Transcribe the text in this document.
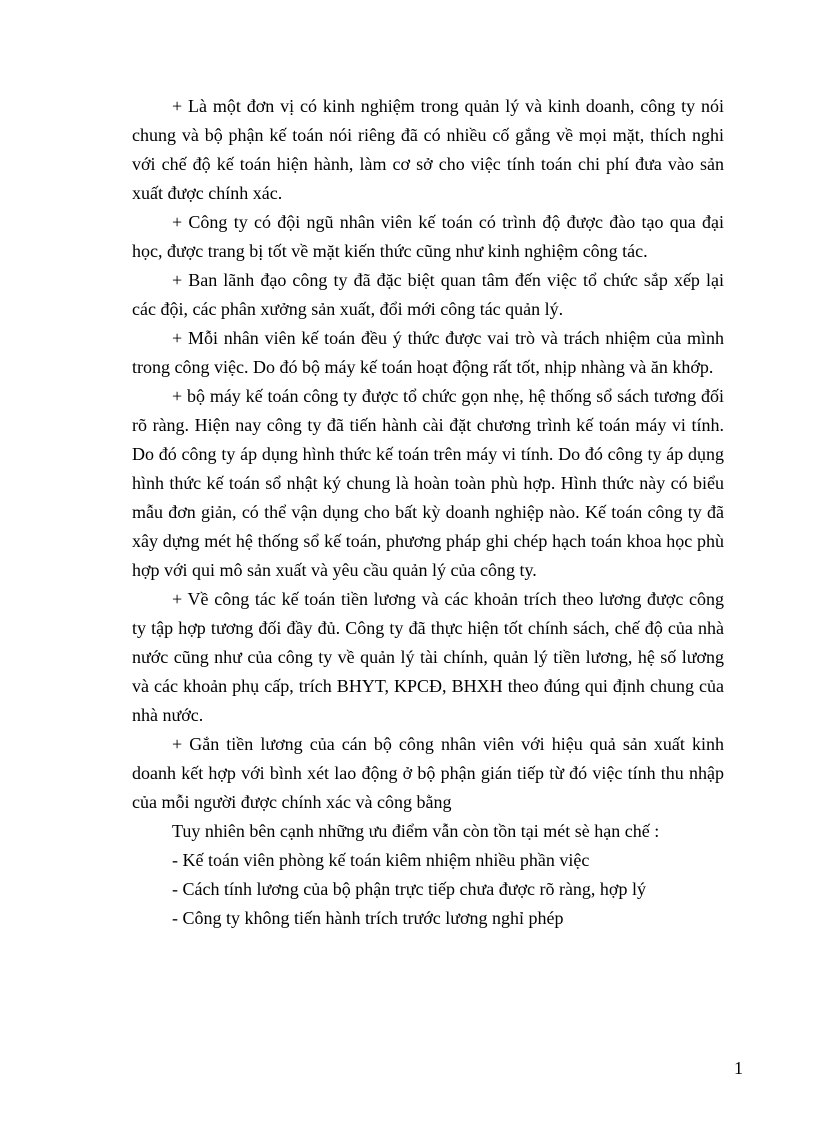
+ Là một đơn vị có kinh nghiệm trong quản lý và kinh doanh, công ty nói chung và bộ phận kế toán nói riêng đã có nhiều cố gắng về mọi mặt, thích nghi với chế độ kế toán hiện hành, làm cơ sở cho việc tính toán chi phí đưa vào sản xuất được chính xác.

+ Công ty có đội ngũ nhân viên kế toán có trình độ được đào tạo qua đại học, được trang bị tốt về mặt kiến thức cũng như kinh nghiệm công tác.

+ Ban lãnh đạo công ty đã đặc biệt quan tâm đến việc tổ chức sắp xếp lại các đội, các phân xưởng sản xuất, đổi mới công tác quản lý.

+ Mỗi nhân viên kế toán đều ý thức được vai trò và trách nhiệm của mình trong công việc. Do đó bộ máy kế toán hoạt động rất tốt, nhịp nhàng và ăn khớp.

+ bộ máy kế toán công ty được tổ chức gọn nhẹ, hệ thống sổ sách tương đối rõ ràng. Hiện nay công ty đã tiến hành cài đặt chương trình kế toán máy vi tính. Do đó công ty áp dụng hình thức kế toán trên máy vi tính. Do đó công ty áp dụng hình thức kế toán sổ nhật ký chung là hoàn toàn phù hợp. Hình thức này có biểu mẫu đơn giản, có thể vận dụng cho bất kỳ doanh nghiệp nào. Kế toán công ty đã xây dựng mét hệ thống sổ kế toán, phương pháp ghi chép hạch toán khoa học phù hợp với qui mô sản xuất và yêu cầu quản lý của công ty.

+ Về công tác kế toán tiền lương và các khoản trích theo lương được công ty tập hợp tương đối đầy đủ. Công ty đã thực hiện tốt chính sách, chế độ của nhà nước cũng như của công ty về quản lý tài chính, quản lý tiền lương, hệ số lương và các khoản phụ cấp, trích BHYT, KPCĐ, BHXH theo đúng qui định chung của nhà nước.

+ Gắn tiền lương của cán bộ công nhân viên với hiệu quả sản xuất kinh doanh kết hợp với bình xét lao động ở bộ phận gián tiếp từ đó việc tính thu nhập của mỗi người được chính xác và công bằng

Tuy nhiên bên cạnh những ưu điểm vẫn còn tồn tại mét sè hạn chế :

- Kế toán viên phòng kế toán kiêm nhiệm nhiều phần việc

- Cách tính lương của bộ phận trực tiếp chưa được rõ ràng, hợp lý

- Công ty không tiến hành trích trước lương nghỉ phép

1
